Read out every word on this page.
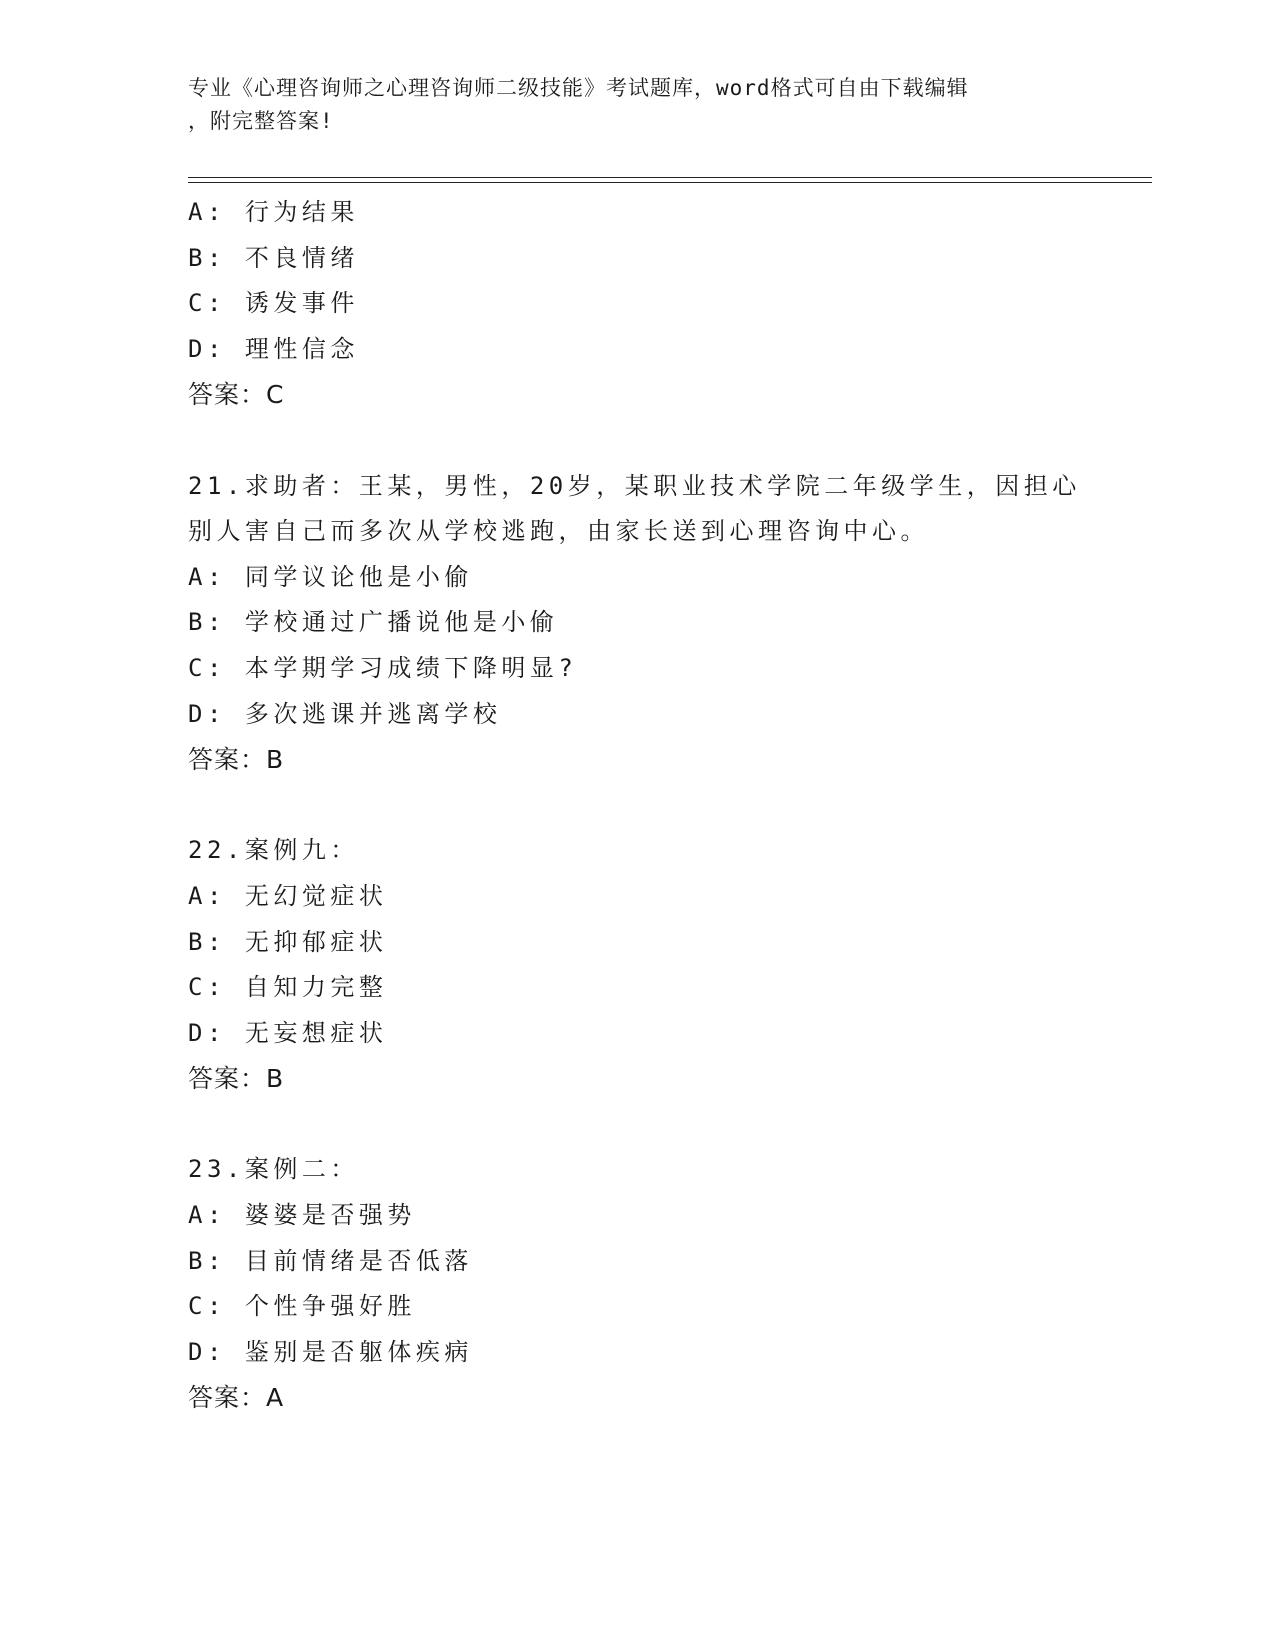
专业《心理咨询师之心理咨询师二级技能》考试题库，word格式可自由下载编辑
，附完整答案!
A: 行为结果
B: 不良情绪
C: 诱发事件
D: 理性信念
答案：C
21.求助者：王某，男性，20岁，某职业技术学院二年级学生，因担心
别人害自己而多次从学校逃跑，由家长送到心理咨询中心。
A: 同学议论他是小偷
B: 学校通过广播说他是小偷
C: 本学期学习成绩下降明显?
D: 多次逃课并逃离学校
答案：B
22.案例九：
A: 无幻觉症状
B: 无抑郁症状
C: 自知力完整
D: 无妄想症状
答案：B
23.案例二：
A: 婆婆是否强势
B: 目前情绪是否低落
C: 个性争强好胜
D: 鉴别是否躯体疾病
答案：A
